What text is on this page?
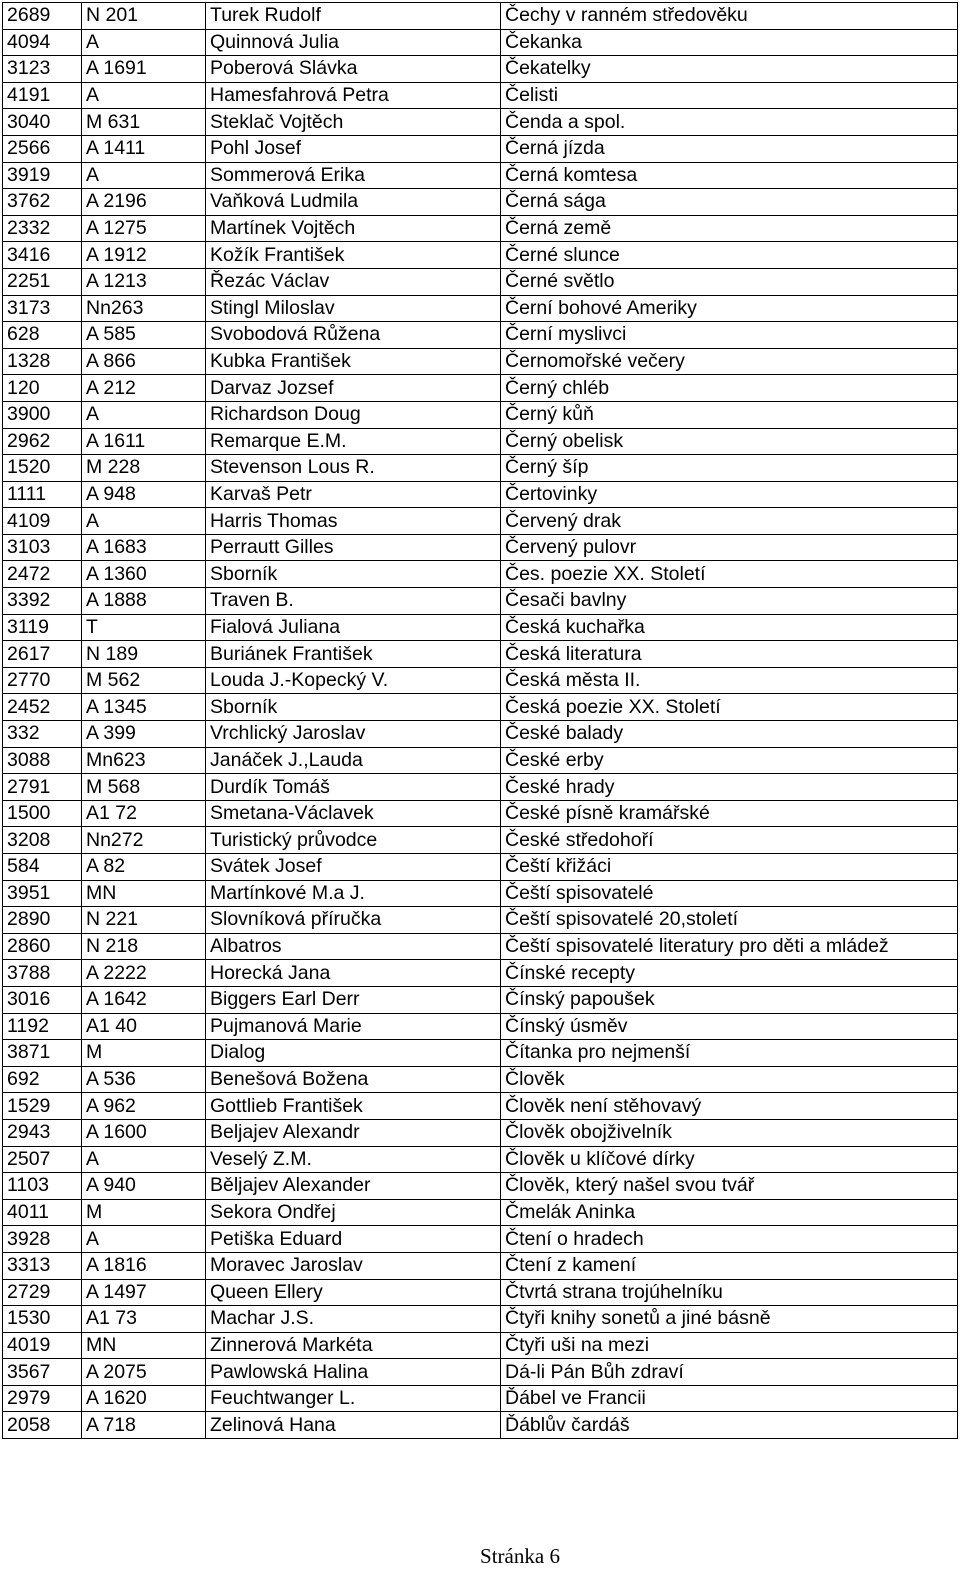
2689	N 201	Turek Rudolf	Čechy v ranném středověku
4094	A	Quinnová Julia	Čekanka
3123	A 1691	Poberová Slávka	Čekatelky
4191	A	Hamesfahrová Petra	Čelisti
3040	M 631	Steklač Vojtěch	Čenda a spol.
2566	A 1411	Pohl Josef	Černá jízda
3919	A	Sommerová Erika	Černá komtesa
3762	A 2196	Vaňková Ludmila	Černá sága
2332	A 1275	Martínek Vojtěch	Černá země
3416	A 1912	Kožík František	Černé slunce
2251	A 1213	Řezác Václav	Černé světlo
3173	Nn263	Stingl Miloslav	Černí bohové Ameriky
628	A 585	Svobodová Růžena	Černí myslivci
1328	A 866	Kubka František	Černomořské večery
120	A 212	Darvaz Jozsef	Černý chléb
3900	A	Richardson Doug	Černý kůň
2962	A 1611	Remarque E.M.	Černý obelisk
1520	M 228	Stevenson Lous R.	Černý šíp
1111	A 948	Karvaš Petr	Čertovinky
4109	A	Harris Thomas	Červený drak
3103	A 1683	Perrautt Gilles	Červený pulovr
2472	A 1360	Sborník	Čes. poezie XX. Století
3392	A 1888	Traven B.	Česači bavlny
3119	T	Fialová Juliana	Česká kuchařka
2617	N 189	Buriánek František	Česká literatura
2770	M 562	Louda J.-Kopecký V.	Česká města II.
2452	A 1345	Sborník	Česká poezie XX. Století
332	A 399	Vrchlický Jaroslav	České balady
3088	Mn623	Janáček J.,Lauda	České erby
2791	M 568	Durdík Tomáš	České hrady
1500	A1 72	Smetana-Václavek	České písně kramářské
3208	Nn272	Turistický průvodce	České středohoří
584	A 82	Svátek Josef	Čeští křižáci
3951	MN	Martínkové M.a J.	Čeští spisovatelé
2890	N 221	Slovníková příručka	Čeští spisovatelé 20,století
2860	N 218	Albatros	Čeští spisovatelé literatury pro děti a mládež
3788	A 2222	Horecká Jana	Čínské recepty
3016	A 1642	Biggers Earl Derr	Čínský papoušek
1192	A1 40	Pujmanová Marie	Čínský úsměv
3871	M	Dialog	Čítanka pro nejmenší
692	A 536	Benešová Božena	Člověk
1529	A 962	Gottlieb František	Člověk není stěhovavý
2943	A 1600	Beljajev Alexandr	Člověk obojživelník
2507	A	Veselý Z.M.	Člověk u klíčové dírky
1103	A 940	Běljajev Alexander	Člověk, který našel svou tvář
4011	M	Sekora Ondřej	Čmelák Aninka
3928	A	Petiška Eduard	Čtení o hradech
3313	A 1816	Moravec Jaroslav	Čtení z kamení
2729	A 1497	Queen Ellery	Čtvrtá strana trojúhelníku
1530	A1 73	Machar J.S.	Čtyři knihy sonetů a jiné básně
4019	MN	Zinnerová Markéta	Čtyři uši na mezi
3567	A 2075	Pawlowská Halina	Dá-li Pán Bůh zdraví
2979	A 1620	Feuchtwanger L.	Ďábel ve Francii
2058	A 718	Zelinová Hana	Ďáblův čardáš
Stránka 6
